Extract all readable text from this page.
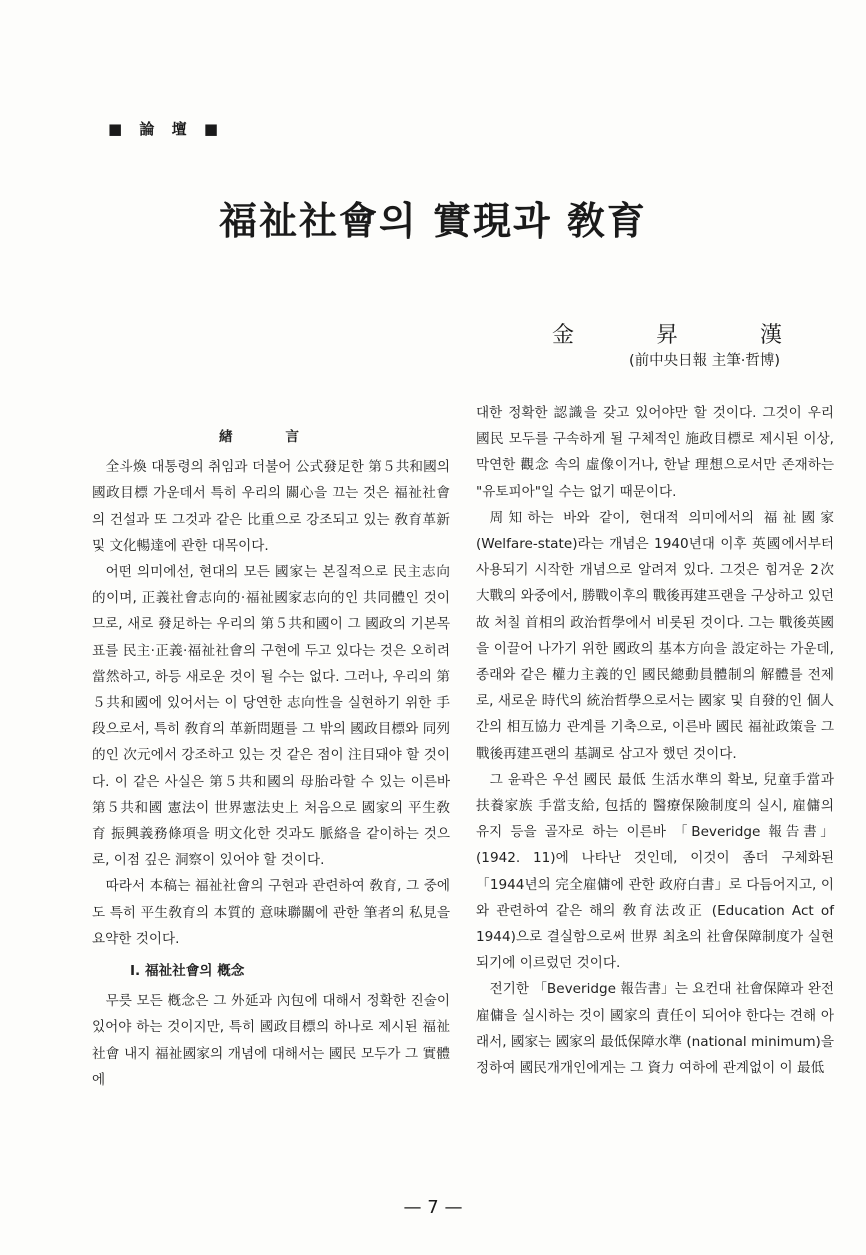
■ 論 壇 ■
福祉社會의 實現과 敎育
金	昇	漢
(前中央日報 主筆·哲博)

緖 言

全斗煥 대통령의 취임과 더불어 公式發足한 第５共和國의 國政目標 가운데서 특히 우리의 關心을 끄는 것은 福祉社會의 건설과 또 그것과 같은 比重으로 강조되고 있는 敎育革新 및 文化暢達에 관한 대목이다.

어떤 의미에선, 현대의 모든 國家는 본질적으로 民主志向的이며, 正義社會志向的·福祉國家志向的인 共同體인 것이므로, 새로 發足하는 우리의 第５共和國이 그 國政의 기본목표를 民主·正義·福祉社會의 구현에 두고 있다는 것은 오히려 當然하고, 하등 새로운 것이 될 수는 없다. 그러나, 우리의 第５共和國에 있어서는 이 당연한 志向性을 실현하기 위한 手段으로서, 특히 敎育의 革新問題를 그 밖의 國政目標와 同列的인 次元에서 강조하고 있는 것 같은 점이 注目돼야 할 것이다. 이 같은 사실은 第５共和國의 母胎라할 수 있는 이른바 第５共和國 憲法이 世界憲法史上 처음으로 國家의 平生敎育 振興義務條項을 明文化한 것과도 脈絡을 같이하는 것으로, 이점 깊은 洞察이 있어야 할 것이다.

따라서 本稿는 福祉社會의 구현과 관련하여 敎育, 그 중에도 특히 平生敎育의 本質的 意味聯關에 관한 筆者의 私見을 요약한 것이다.

Ⅰ. 福祉社會의 槪念

무릇 모든 槪念은 그 外延과 內包에 대해서 정확한 진술이 있어야 하는 것이지만, 특히 國政目標의 하나로 제시된 福祉社會 내지 福祉國家의 개념에 대해서는 國民 모두가 그 實體에

대한 정확한 認識을 갖고 있어야만 할 것이다. 그것이 우리 國民 모두를 구속하게 될 구체적인 施政目標로 제시된 이상, 막연한 觀念 속의 虛像이거나, 한낱 理想으로서만 존재하는 "유토피아"일 수는 없기 때문이다.

周知하는 바와 같이, 현대적 의미에서의 福祉國家 (Welfare-state)라는 개념은 1940년대 이후 英國에서부터 사용되기 시작한 개념으로 알려져 있다. 그것은 힘겨운 2次 大戰의 와중에서, 勝戰이후의 戰後再建프랜을 구상하고 있던 故 처칠 首相의 政治哲學에서 비롯된 것이다. 그는 戰後英國을 이끌어 나가기 위한 國政의 基本方向을 設定하는 가운데, 종래와 같은 權力主義的인 國民總動員體制의 解體를 전제로, 새로운 時代의 統治哲學으로서는 國家 및 自發的인 個人간의 相互協力 관계를 기축으로, 이른바 國民 福祉政策을 그 戰後再建프랜의 基調로 삼고자 했던 것이다.

그 윤곽은 우선 國民 最低 生活水準의 확보, 兒童手當과 扶養家族 手當支給, 包括的 醫療保險制度의 실시, 雇傭의 유지 등을 골자로 하는 이른바 「Beveridge 報告書」(1942. 11)에 나타난 것인데, 이것이 좀더 구체화된 「1944년의 完全雇傭에 관한 政府白書」로 다듬어지고, 이와 관련하여 같은 해의 敎育法改正 (Education Act of 1944)으로 결실함으로써 世界 최초의 社會保障制度가 실현되기에 이르렀던 것이다.

전기한 「Beveridge 報告書」는 요컨대 社會保障과 완전雇傭을 실시하는 것이 國家의 責任이 되어야 한다는 견해 아래서, 國家는 國家의 最低保障水準 (national minimum)을 정하여 國民개개인에게는 그 資力 여하에 관계없이 이 最低

— 7 —
